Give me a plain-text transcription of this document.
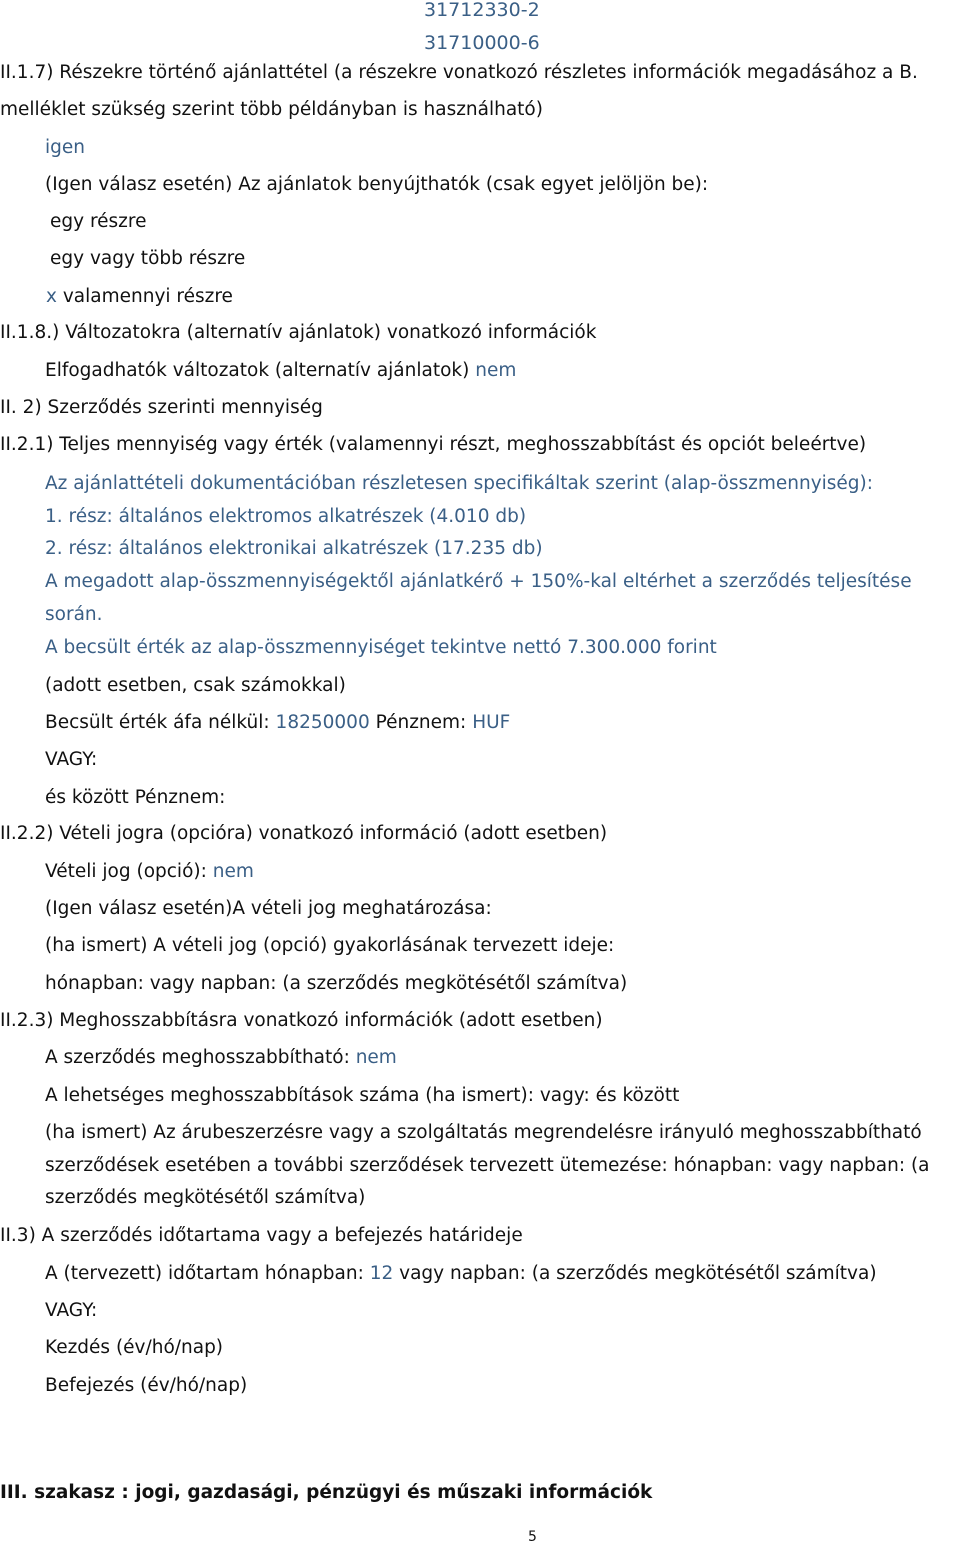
31712330-2
31710000-6
II.1.7) Részekre történő ajánlattétel (a részekre vonatkozó részletes információk megadásához a B.
melléklet szükség szerint több példányban is használható)
igen
(Igen válasz esetén) Az ajánlatok benyújthatók (csak egyet jelöljön be):
egy részre
egy vagy több részre
x valamennyi részre
II.1.8.) Változatokra (alternatív ajánlatok) vonatkozó információk
Elfogadhatók változatok (alternatív ajánlatok) nem
II. 2) Szerződés szerinti mennyiség
II.2.1) Teljes mennyiség vagy érték (valamennyi részt, meghosszabbítást és opciót beleértve)
Az ajánlattételi dokumentációban részletesen specifikáltak szerint (alap-összmennyiség):
1. rész: általános elektromos alkatrészek (4.010 db)
2. rész: általános elektronikai alkatrészek (17.235 db)
A megadott alap-összmennyiségektől ajánlatkérő + 150%-kal eltérhet a szerződés teljesítése
során.
A becsült érték az alap-összmennyiséget tekintve nettó 7.300.000 forint
(adott esetben, csak számokkal)
Becsült érték áfa nélkül: 18250000 Pénznem: HUF
VAGY:
és között Pénznem:
II.2.2) Vételi jogra (opcióra) vonatkozó információ (adott esetben)
Vételi jog (opció): nem
(Igen válasz esetén)A vételi jog meghatározása:
(ha ismert) A vételi jog (opció) gyakorlásának tervezett ideje:
hónapban: vagy napban: (a szerződés megkötésétől számítva)
II.2.3) Meghosszabbításra vonatkozó információk (adott esetben)
A szerződés meghosszabbítható: nem
A lehetséges meghosszabbítások száma (ha ismert): vagy: és között
(ha ismert) Az árubeszerzésre vagy a szolgáltatás megrendelésre irányuló meghosszabbítható
szerződések esetében a további szerződések tervezett ütemezése: hónapban: vagy napban: (a
szerződés megkötésétől számítva)
II.3) A szerződés időtartama vagy a befejezés határideje
A (tervezett) időtartam hónapban: 12 vagy napban: (a szerződés megkötésétől számítva)
VAGY:
Kezdés (év/hó/nap)
Befejezés (év/hó/nap)
III. szakasz : jogi, gazdasági, pénzügyi és műszaki információk
5
